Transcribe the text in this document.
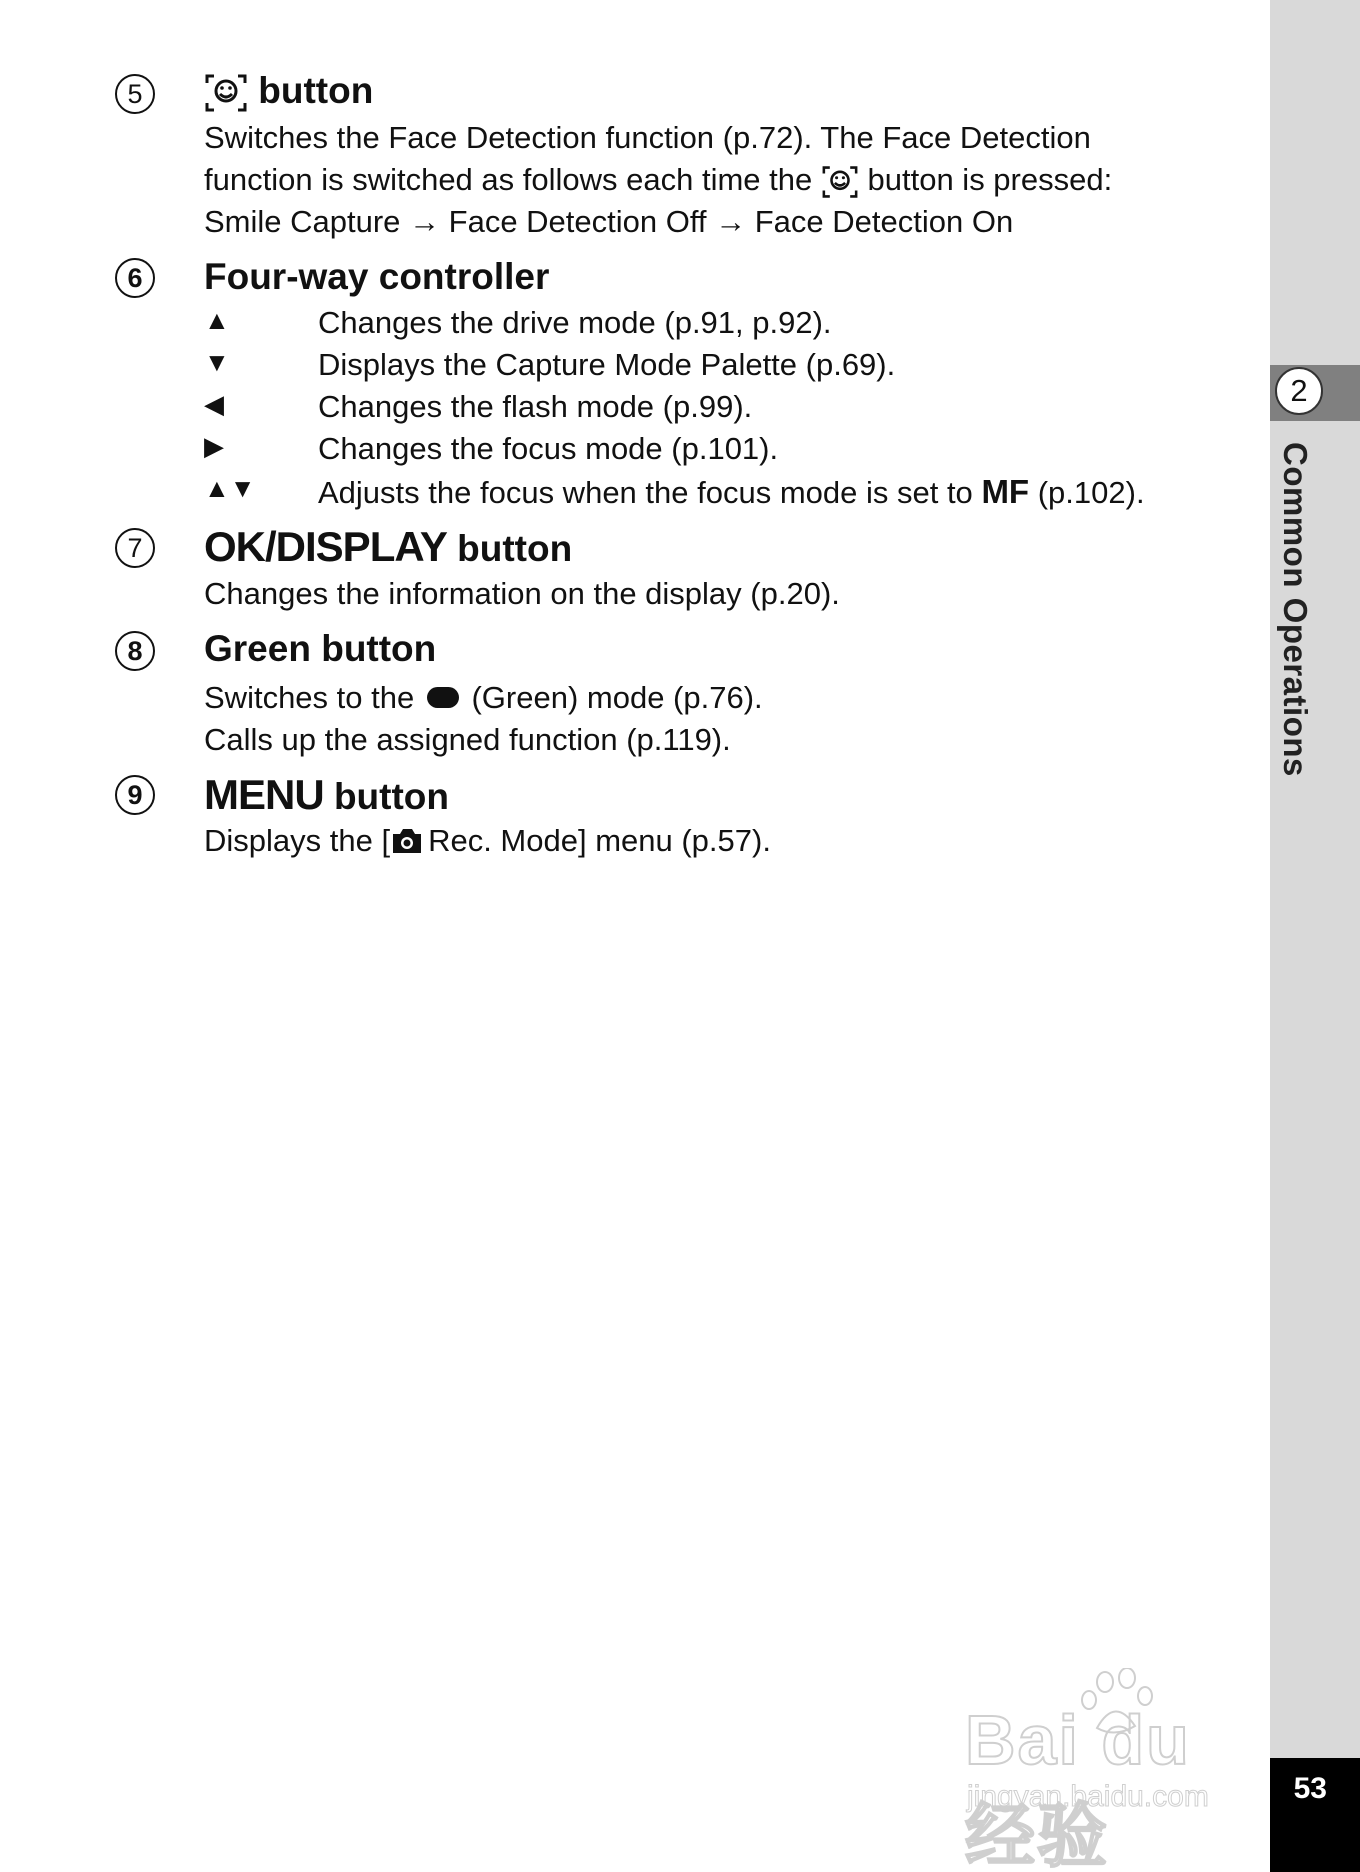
2
Common Operations
53
5	button
Switches the Face Detection function (p.72). The Face Detection
function is switched as follows each time the button is pressed:
Smile Capture → Face Detection Off → Face Detection On
6	Four-way controller
▲	Changes the drive mode (p.91, p.92).
▼	Displays the Capture Mode Palette (p.69).
◀	Changes the flash mode (p.99).
▶	Changes the focus mode (p.101).
▲▼	Adjusts the focus when the focus mode is set to MF (p.102).
7 OK/DISPLAY button
Changes the information on the display (p.20).
8	Green button
Switches to the (Green) mode (p.76).
Calls up the assigned function (p.119).
9 MENU button
Displays the [ Rec. Mode] menu (p.57).
